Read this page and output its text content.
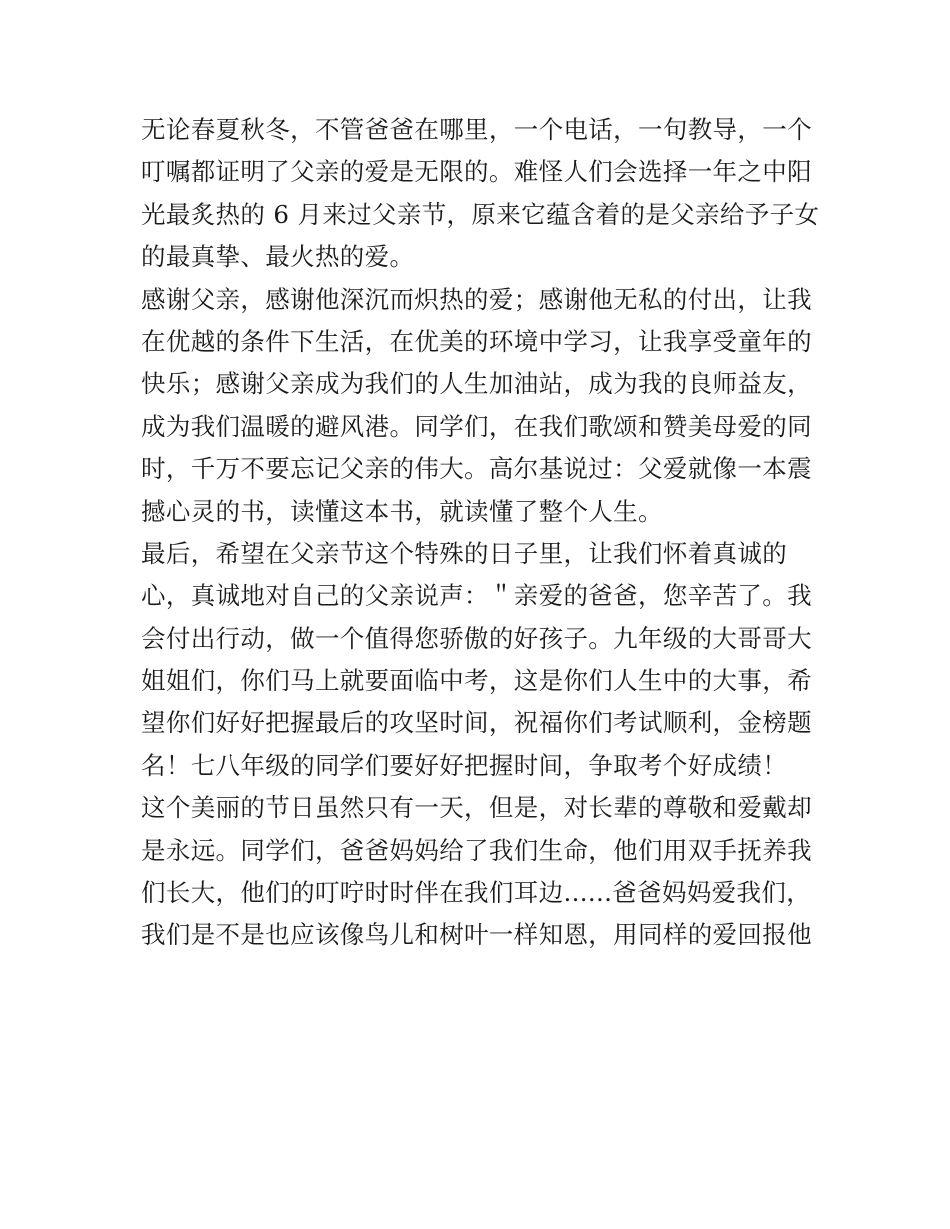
无论春夏秋冬，不管爸爸在哪里，一个电话，一句教导，一个
叮嘱都证明了父亲的爱是无限的。难怪人们会选择一年之中阳
光最炙热的 6 月来过父亲节，原来它蕴含着的是父亲给予子女
的最真挚、最火热的爱。
感谢父亲，感谢他深沉而炽热的爱；感谢他无私的付出，让我
在优越的条件下生活，在优美的环境中学习，让我享受童年的
快乐；感谢父亲成为我们的人生加油站，成为我的良师益友，
成为我们温暖的避风港。同学们，在我们歌颂和赞美母爱的同
时，千万不要忘记父亲的伟大。高尔基说过：父爱就像一本震
撼心灵的书，读懂这本书，就读懂了整个人生。
最后，希望在父亲节这个特殊的日子里，让我们怀着真诚的
心，真诚地对自己的父亲说声：＂亲爱的爸爸，您辛苦了。我
会付出行动，做一个值得您骄傲的好孩子。九年级的大哥哥大
姐姐们，你们马上就要面临中考，这是你们人生中的大事，希
望你们好好把握最后的攻坚时间，祝福你们考试顺利，金榜题
名！七八年级的同学们要好好把握时间，争取考个好成绩！
这个美丽的节日虽然只有一天，但是，对长辈的尊敬和爱戴却
是永远。同学们，爸爸妈妈给了我们生命，他们用双手抚养我
们长大，他们的叮咛时时伴在我们耳边......爸爸妈妈爱我们，
我们是不是也应该像鸟儿和树叶一样知恩，用同样的爱回报他
